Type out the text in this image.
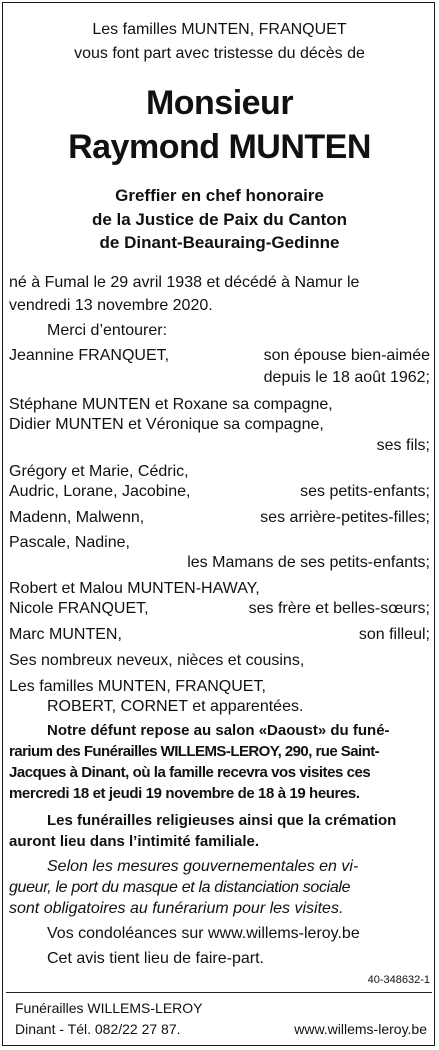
Les familles MUNTEN, FRANQUET
vous font part avec tristesse du décès de
Monsieur
Raymond MUNTEN
Greffier en chef honoraire
de la Justice de Paix du Canton
de Dinant-Beauraing-Gedinne
né à Fumal le 29 avril 1938 et décédé à Namur le
vendredi 13 novembre 2020.
Merci d’entourer:
Jeannine FRANQUET,	son épouse bien-aimée
depuis le 18 août 1962;
Stéphane MUNTEN et Roxane sa compagne,
Didier MUNTEN et Véronique sa compagne,
ses fils;
Grégory et Marie, Cédric,
Audric, Lorane, Jacobine,	ses petits-enfants;
Madenn, Malwenn,	ses arrière-petites-filles;
Pascale, Nadine,
les Mamans de ses petits-enfants;
Robert et Malou MUNTEN-HAWAY,
Nicole FRANQUET,	ses frère et belles-sœurs;
Marc MUNTEN,	son filleul;
Ses nombreux neveux, nièces et cousins,
Les familles MUNTEN, FRANQUET,
ROBERT, CORNET et apparentées.
Notre défunt repose au salon «Daoust» du funé-
rarium des Funérailles WILLEMS-LEROY, 290, rue Saint-
Jacques à Dinant, où la famille recevra vos visites ces
mercredi 18 et jeudi 19 novembre de 18 à 19 heures.
Les funérailles religieuses ainsi que la crémation
auront lieu dans l’intimité familiale.
Selon les mesures gouvernementales en vi-
gueur, le port du masque et la distanciation sociale
sont obligatoires au funérarium pour les visites.
Vos condoléances sur www.willems-leroy.be
Cet avis tient lieu de faire-part.
40-348632-1
Funérailles WILLEMS-LEROY
Dinant - Tél. 082/22 27 87.	www.willems-leroy.be
